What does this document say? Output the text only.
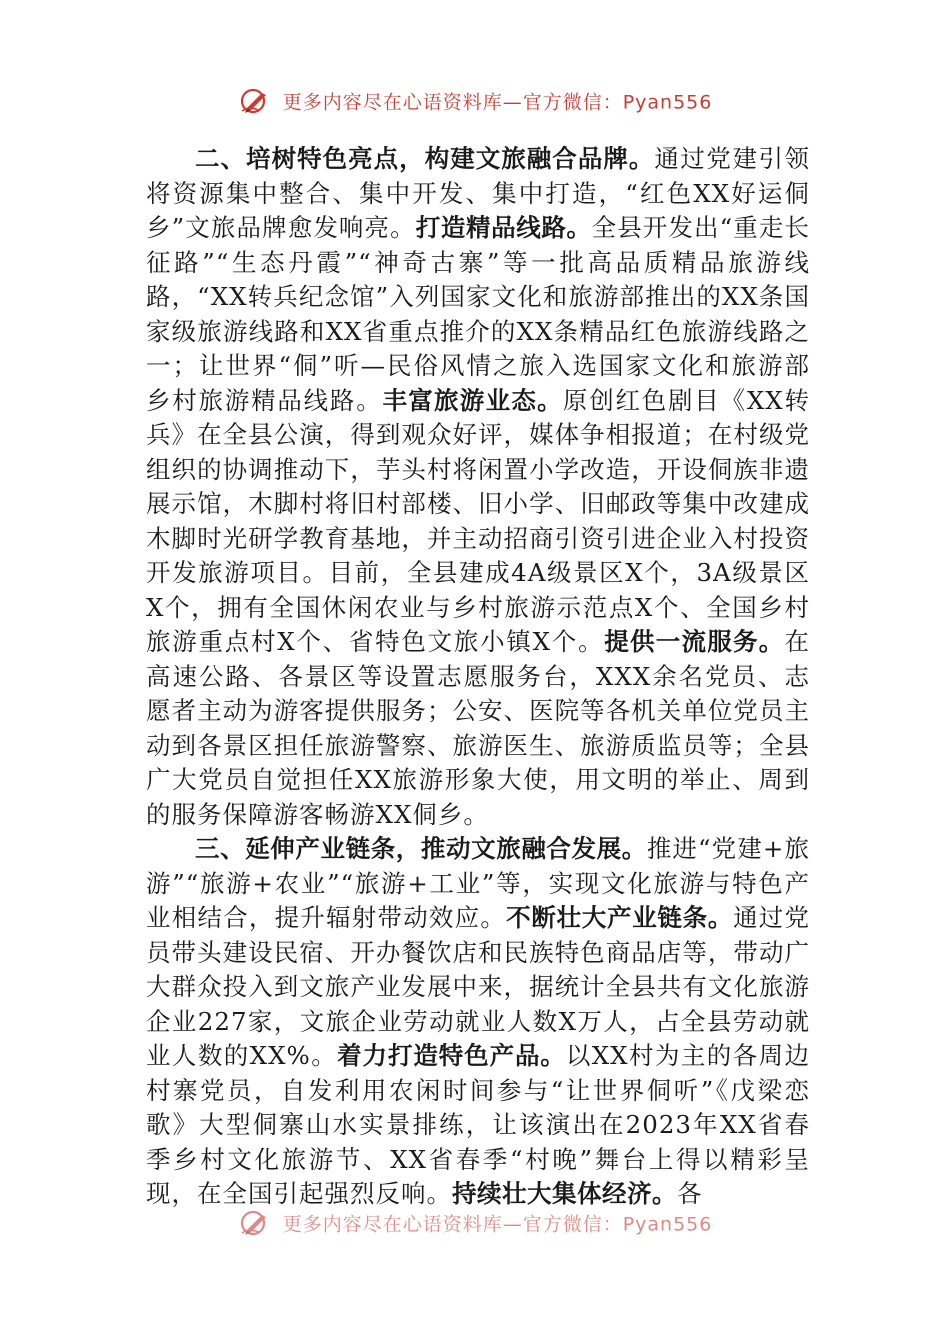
更多内容尽在心语资料库—官方微信：Pyan556

二、培树特色亮点，构建文旅融合品牌。通过党建引领将资源集中整合、集中开发、集中打造，“红色XX好运侗乡”文旅品牌愈发响亮。打造精品线路。全县开发出“重走长征路”“生态丹霞”“神奇古寨”等一批高品质精品旅游线路，“XX转兵纪念馆”入列国家文化和旅游部推出的XX条国家级旅游线路和XX省重点推介的XX条精品红色旅游线路之一；让世界“侗”听—民俗风情之旅入选国家文化和旅游部乡村旅游精品线路。丰富旅游业态。原创红色剧目《XX转兵》在全县公演，得到观众好评，媒体争相报道；在村级党组织的协调推动下，芋头村将闲置小学改造，开设侗族非遗展示馆，木脚村将旧村部楼、旧小学、旧邮政等集中改建成木脚时光研学教育基地，并主动招商引资引进企业入村投资开发旅游项目。目前，全县建成4A级景区X个，3A级景区X个，拥有全国休闲农业与乡村旅游示范点X个、全国乡村旅游重点村X个、省特色文旅小镇X个。提供一流服务。在高速公路、各景区等设置志愿服务台，XXX余名党员、志愿者主动为游客提供服务；公安、医院等各机关单位党员主动到各景区担任旅游警察、旅游医生、旅游质监员等；全县广大党员自觉担任XX旅游形象大使，用文明的举止、周到的服务保障游客畅游XX侗乡。

三、延伸产业链条，推动文旅融合发展。推进“党建+旅游”“旅游+农业”“旅游+工业”等，实现文化旅游与特色产业相结合，提升辐射带动效应。不断壮大产业链条。通过党员带头建设民宿、开办餐饮店和民族特色商品店等，带动广大群众投入到文旅产业发展中来，据统计全县共有文化旅游企业227家，文旅企业劳动就业人数X万人，占全县劳动就业人数的XX%。着力打造特色产品。以XX村为主的各周边村寨党员，自发利用农闲时间参与“让世界侗听”《戊梁恋歌》大型侗寨山水实景排练，让该演出在2023年XX省春季乡村文化旅游节、XX省春季“村晚”舞台上得以精彩呈现，在全国引起强烈反响。持续壮大集体经济。各

更多内容尽在心语资料库—官方微信：Pyan556
